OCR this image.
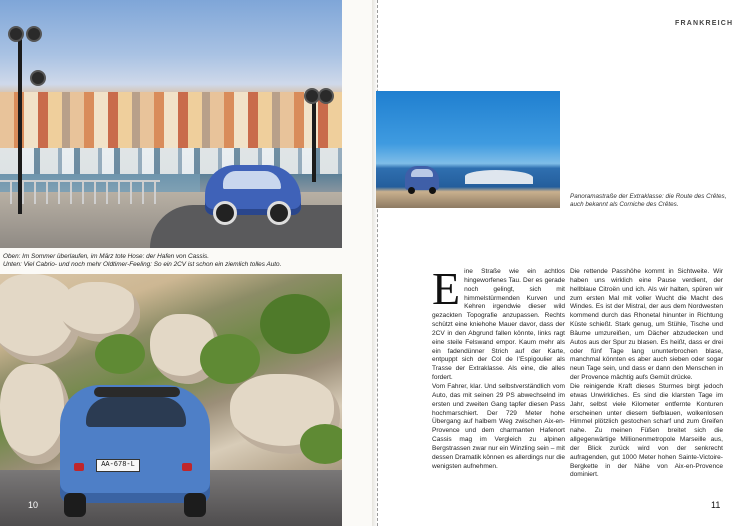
Oben: Im Sommer überlaufen, im März tote Hose: der Hafen von Cassis.
Unten: Viel Cabrio- und noch mehr Oldtimer-Feeling: So ein 2CV ist schon ein ziemlich tolles Auto.
AA-678-L
10
FRANKREICH
Panoramastraße der Extraklasse: die Route des Crêtes, auch bekannt als Corniche des Crêtes.
E ine Straße wie ein achtlos hingeworfenes Tau. Der es gerade noch gelingt, sich mit himmelstürmenden Kurven und Kehren irgendwie dieser wild gezackten Topografie anzupassen. Rechts schützt eine kniehohe Mauer davor, dass der 2CV in den Abgrund fallen könnte, links ragt eine steile Felswand empor. Kaum mehr als ein fadendünner Strich auf der Karte, entpuppt sich der Col de l’Espigoulier als Trasse der Extraklasse. Als eine, die alles fordert.

Vom Fahrer, klar. Und selbstverständlich vom Auto, das mit seinen 29 PS abwechselnd im ersten und zweiten Gang tapfer diesen Pass hochmarschiert. Der 729 Meter hohe Übergang auf halbem Weg zwischen Aix-en-Provence und dem charmanten Hafenort Cassis mag im Vergleich zu alpinen Bergstrassen zwar nur ein Winzling sein – mit dessen Dramatik können es allerdings nur die wenigsten aufnehmen.

Die rettende Passhöhe kommt in Sichtweite. Wir haben uns wirklich eine Pause verdient, der hellblaue Citroën und ich. Als wir halten, spüren wir zum ersten Mal mit voller Wucht die Macht des Windes. Es ist der Mistral, der aus dem Nordwesten kommend durch das Rhonetal hinunter in Richtung Küste schießt. Stark genug, um Stühle, Tische und Bäume umzureißen, um Dächer abzudecken und Autos aus der Spur zu blasen. Es heißt, dass er drei oder fünf Tage lang ununterbrochen blase, manchmal könnten es aber auch sieben oder sogar neun Tage sein, und dass er dann den Menschen in der Provence mächtig aufs Gemüt drücke.

Die reinigende Kraft dieses Sturmes birgt jedoch etwas Unwirkliches. Es sind die klarsten Tage im Jahr, selbst viele Kilometer entfernte Konturen erscheinen unter diesem tiefblauen, wolkenlosen Himmel plötzlich gestochen scharf und zum Greifen nahe. Zu meinen Füßen breitet sich die allgegenwärtige Millionenmetropole Marseille aus, der Blick zurück wird von der senkrecht aufragenden, gut 1000 Meter hohen Sainte-Victoire-Bergkette in der Nähe von Aix-en-Provence dominiert.

11
